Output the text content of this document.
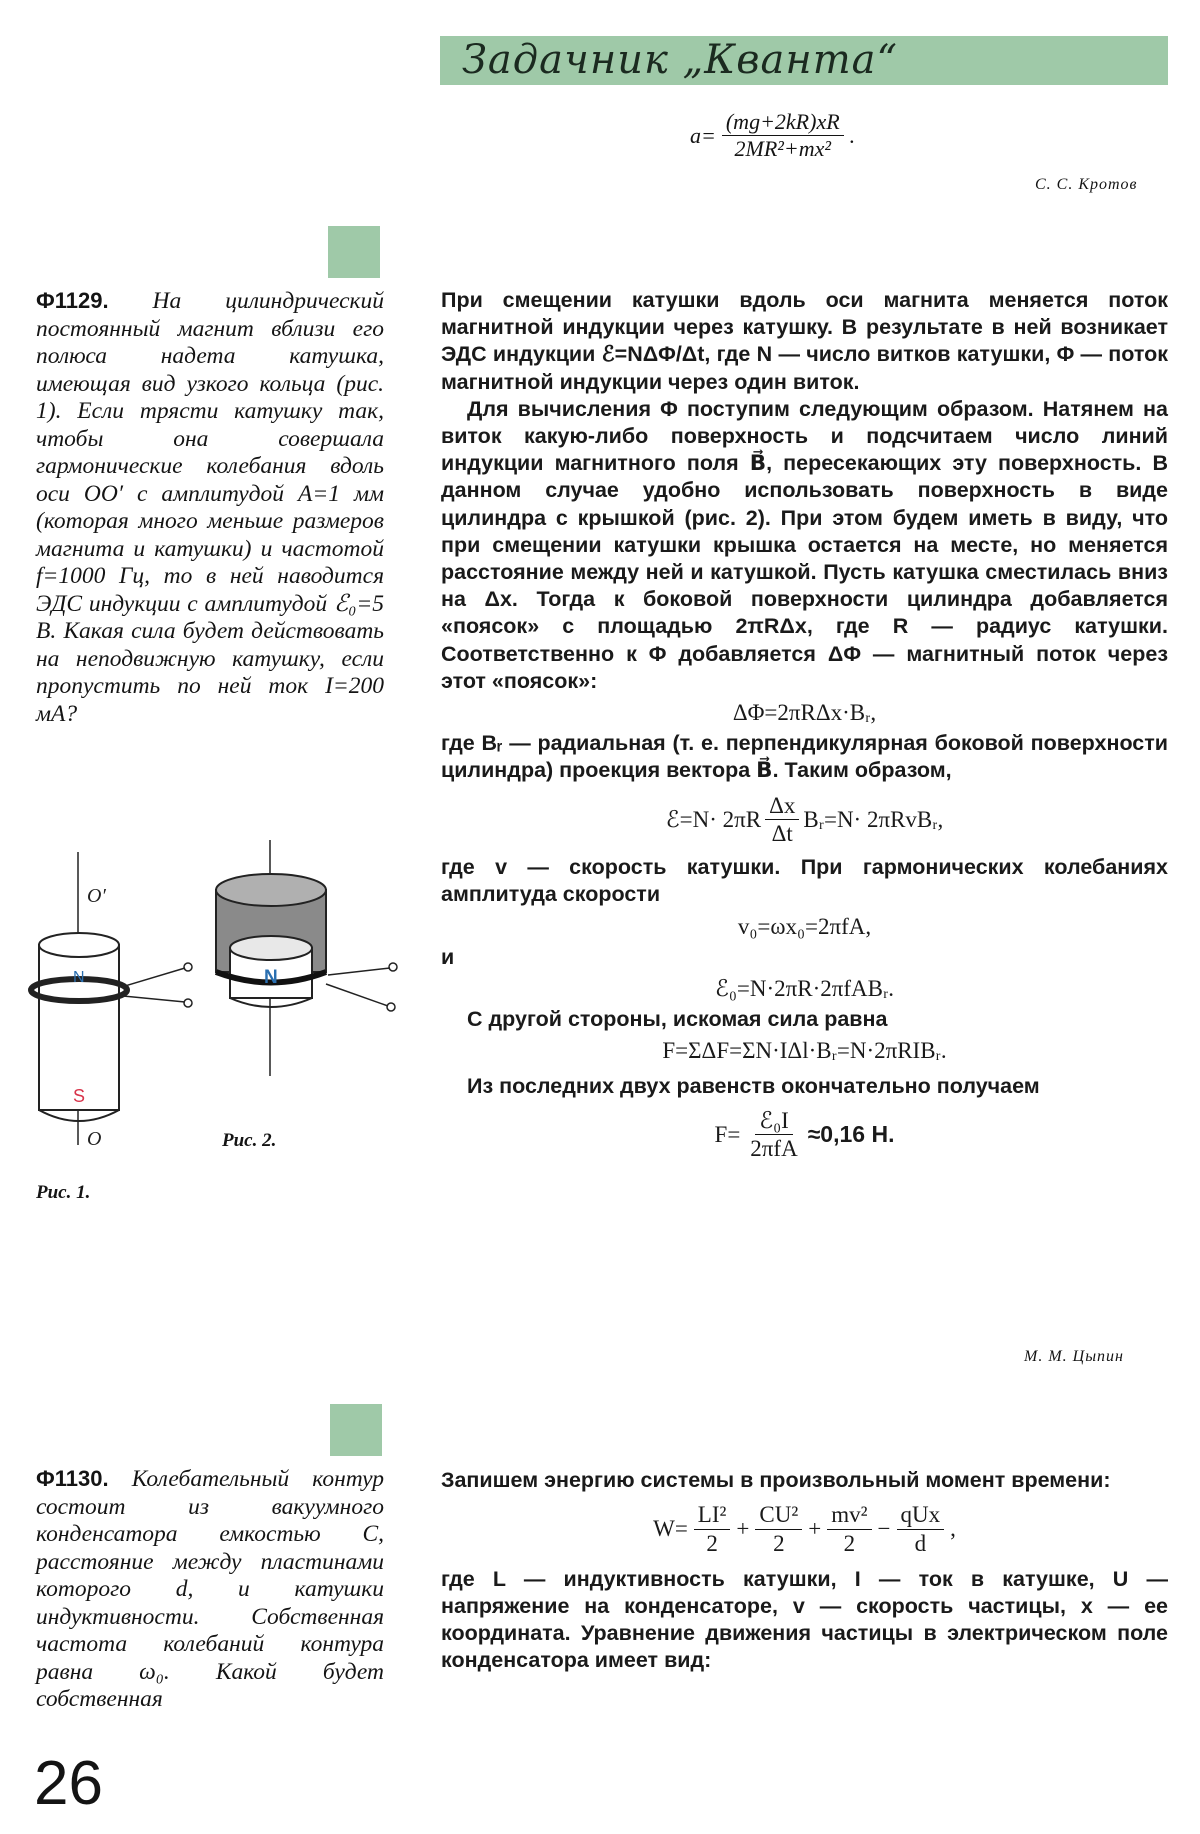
Задачник „Кванта“
$a= \frac{(mg+2kR)xR}{\text{2MR²+mx²}}$ .
С. С. Кротов
Ф1129. На цилиндрический постоянный магнит вблизи его полюса надета катушка, имеющая вид узкого кольца (рис. 1). Если трясти катушку так, чтобы она совершала гармонические колебания вдоль оси OO′ с амплитудой A=1 мм (которая много меньше размеров магнита и катушки) и частотой f=1000 Гц, то в ней наводится ЭДС индукции с амплитудой ℰ₀=5 В. Какая сила будет действовать на неподвижную катушку, если пропустить по ней ток I=200 мА?
O′
O
N
S
Рис. 1.
N
Рис. 2.

При смещении катушки вдоль оси магнита меняется поток магнитной индукции через катушку. В результате в ней возникает ЭДС индукции ℰ=NΔΦ/Δt, где N — число витков катушки, Φ — поток магнитной индукции через один виток.

Для вычисления Φ поступим следующим образом. Натянем на виток какую-либо поверхность и подсчитаем число линий индукции магнитного поля B⃗, пересекающих эту поверхность. В данном случае удобно использовать поверхность в виде цилиндра с крышкой (рис. 2). При этом будем иметь в виду, что при смещении катушки крышка остается на месте, но меняется расстояние между ней и катушкой. Пусть катушка сместилась вниз на Δx. Тогда к боковой поверхности цилиндра добавляется «поясок» с площадью 2πRΔx, где R — радиус катушки. Соответственно к Φ добавляется ΔΦ — магнитный поток через этот «поясок»:

ΔΦ=2πRΔx·Bᵣ,

где Bᵣ — радиальная (т. е. перпендикулярная боковой поверхности цилиндра) проекция вектора B⃗. Таким образом,

ℰ=N· $2\pi R \frac{\Delta x}{\Delta t}$ Bᵣ=N· 2πRvBᵣ,

где v — скорость катушки. При гармонических колебаниях амплитуда скорости

v₀=ωx₀=2πfA,

и

ℰ₀=N·2πR·2πfABᵣ.

С другой стороны, искомая сила равна

F=ΣΔF=ΣN·IΔl·Bᵣ=N·2πRIBᵣ.

Из последних двух равенств окончательно получаем

$F= \frac{\text{ℰ₀I}}{\text{2πfA}} \approx 0,16$ Н.
М. М. Цыпин
Ф1130. Колебательный контур состоит из вакуумного конденсатора емкостью C, расстояние между пластинами которого d, и катушки индуктивности. Собственная частота колебаний контура равна ω₀. Какой будет собственная

Запишем энергию системы в произвольный момент времени:

$W= \frac{\text{LI²}}{2} + \frac{\text{CU²}}{2} + \frac{\text{mv²}}{2} - \frac{\text{qUx}}{d}$ ,

где L — индуктивность катушки, I — ток в катушке, U — напряжение на конденсаторе, v — скорость частицы, x — ее координата. Уравнение движения частицы в электрическом поле конденсатора имеет вид:

26
